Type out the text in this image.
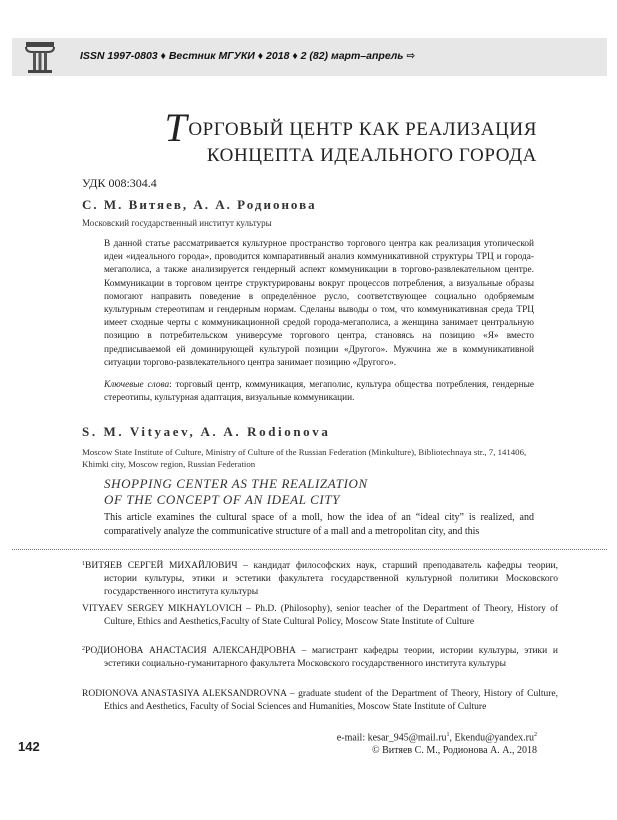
ISSN 1997-0803 ♦ Вестник МГУКИ ♦ 2018 ♦ 2 (82) март–апрель ⇨
ТОРГОВЫЙ ЦЕНТР КАК РЕАЛИЗАЦИЯ
КОНЦЕПТА ИДЕАЛЬНОГО ГОРОДА
УДК 008:304.4
С. М. Витяев, А. А. Родионова
Московский государственный институт культуры

В данной статье рассматривается культурное пространство торгового центра как реализация утопической идеи «идеального города», проводится компаративный анализ коммуникативной структуры ТРЦ и города-мегаполиса, а также анализируется гендерный аспект коммуникации в торгово-развлекательном центре. Коммуникации в торговом центре структурированы вокруг процессов потребления, а визуальные образы помогают направить поведение в определённое русло, соответствующее социально одобряемым культурным стереотипам и гендерным нормам. Сделаны выводы о том, что коммуникативная среда ТРЦ имеет сходные черты с коммуникационной средой города-мегаполиса, а женщина занимает центральную позицию в потребительском универсуме торгового центра, становясь на позицию «Я» вместо предписываемой ей доминирующей культурой позиции «Другого». Мужчина же в коммуникативной ситуации торгово-развлекательного центра занимает позицию «Другого».

Ключевые слова: торговый центр, коммуникация, мегаполис, культура общества потребления, гендерные стереотипы, культурная адаптация, визуальные коммуникации.
S. M. Vityaev, A. A. Rodionova
Moscow State Institute of Culture, Ministry of Culture of the Russian Federation (Minkulture), Bibliotechnaya str., 7, 141406, Khimki city, Moscow region, Russian Federation
SHOPPING CENTER AS THE REALIZATION
OF THE CONCEPT OF AN IDEAL CITY
This article examines the cultural space of a moll, how the idea of an “ideal city” is realized, and comparatively analyze the communicative structure of a mall and a metropolitan city, and this
$^1$ВИТЯЕВ СЕРГЕЙ МИХАЙЛОВИЧ – кандидат философских наук, старший преподаватель кафедры теории, истории культуры, этики и эстетики факультета государственной культурной политики Московского государственного института культуры
VITYAEV SERGEY MIKHAYLOVICH – Ph.D. (Philosophy), senior teacher of the Department of Theory, History of Culture, Ethics and Aesthetics,Faculty of State Cultural Policy, Moscow State Institute of Culture
$^2$РОДИОНОВА АНАСТАСИЯ АЛЕКСАНДРОВНА – магистрант кафедры теории, истории культуры, этики и эстетики социально-гуманитарного факультета Московского государственного института культуры
RODIONOVA ANASTASIYA ALEKSANDROVNA – graduate student of the Department of Theory, History of Culture, Ethics and Aesthetics, Faculty of Social Sciences and Humanities, Moscow State Institute of Culture
e-mail: $kesar\_945@mail.ru^1$, $Ekendu@yandex.ru^2$
© Витяев С. М., Родионова А. А., 2018
142
